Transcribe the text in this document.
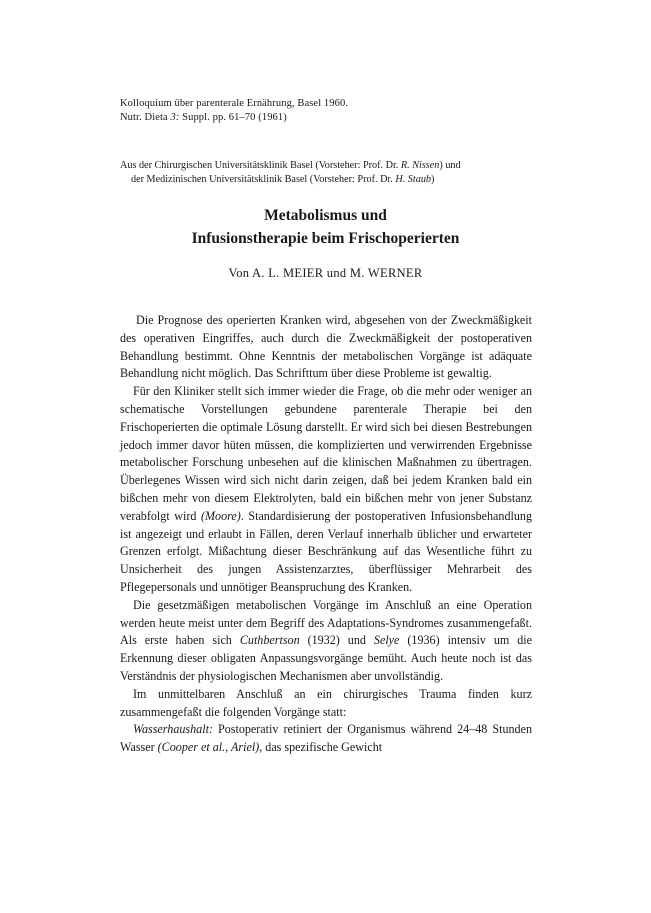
Kolloquium über parenterale Ernährung, Basel 1960.
Nutr. Dieta 3: Suppl. pp. 61–70 (1961)
Aus der Chirurgischen Universitätsklinik Basel (Vorsteher: Prof. Dr. R. Nissen) und
der Medizinischen Universitätsklinik Basel (Vorsteher: Prof. Dr. H. Staub)
Metabolismus und
Infusionstherapie beim Frischoperierten
Von A. L. MEIER und M. WERNER

Die Prognose des operierten Kranken wird, abgesehen von der Zweckmäßigkeit des operativen Eingriffes, auch durch die Zweckmäßigkeit der postoperativen Behandlung bestimmt. Ohne Kenntnis der metabolischen Vorgänge ist adäquate Behandlung nicht möglich. Das Schrifttum über diese Probleme ist gewaltig.

Für den Kliniker stellt sich immer wieder die Frage, ob die mehr oder weniger an schematische Vorstellungen gebundene parenterale Therapie bei den Frischoperierten die optimale Lösung darstellt. Er wird sich bei diesen Bestrebungen jedoch immer davor hüten müssen, die komplizierten und verwirrenden Ergebnisse metabolischer Forschung unbesehen auf die klinischen Maßnahmen zu übertragen. Überlegenes Wissen wird sich nicht darin zeigen, daß bei jedem Kranken bald ein bißchen mehr von diesem Elektrolyten, bald ein bißchen mehr von jener Substanz verabfolgt wird (Moore). Standardisierung der postoperativen Infusionsbehandlung ist angezeigt und erlaubt in Fällen, deren Verlauf innerhalb üblicher und erwarteter Grenzen erfolgt. Mißachtung dieser Beschränkung auf das Wesentliche führt zu Unsicherheit des jungen Assistenzarztes, überflüssiger Mehrarbeit des Pflegepersonals und unnötiger Beanspruchung des Kranken.

Die gesetzmäßigen metabolischen Vorgänge im Anschluß an eine Operation werden heute meist unter dem Begriff des Adaptations-Syndromes zusammengefaßt. Als erste haben sich Cuthbertson (1932) und Selye (1936) intensiv um die Erkennung dieser obligaten Anpassungsvorgänge bemüht. Auch heute noch ist das Verständnis der physiologischen Mechanismen aber unvollständig.

Im unmittelbaren Anschluß an ein chirurgisches Trauma finden kurz zusammengefaßt die folgenden Vorgänge statt:

Wasserhaushalt: Postoperativ retiniert der Organismus während 24–48 Stunden Wasser (Cooper et al., Ariel), das spezifische Gewicht
